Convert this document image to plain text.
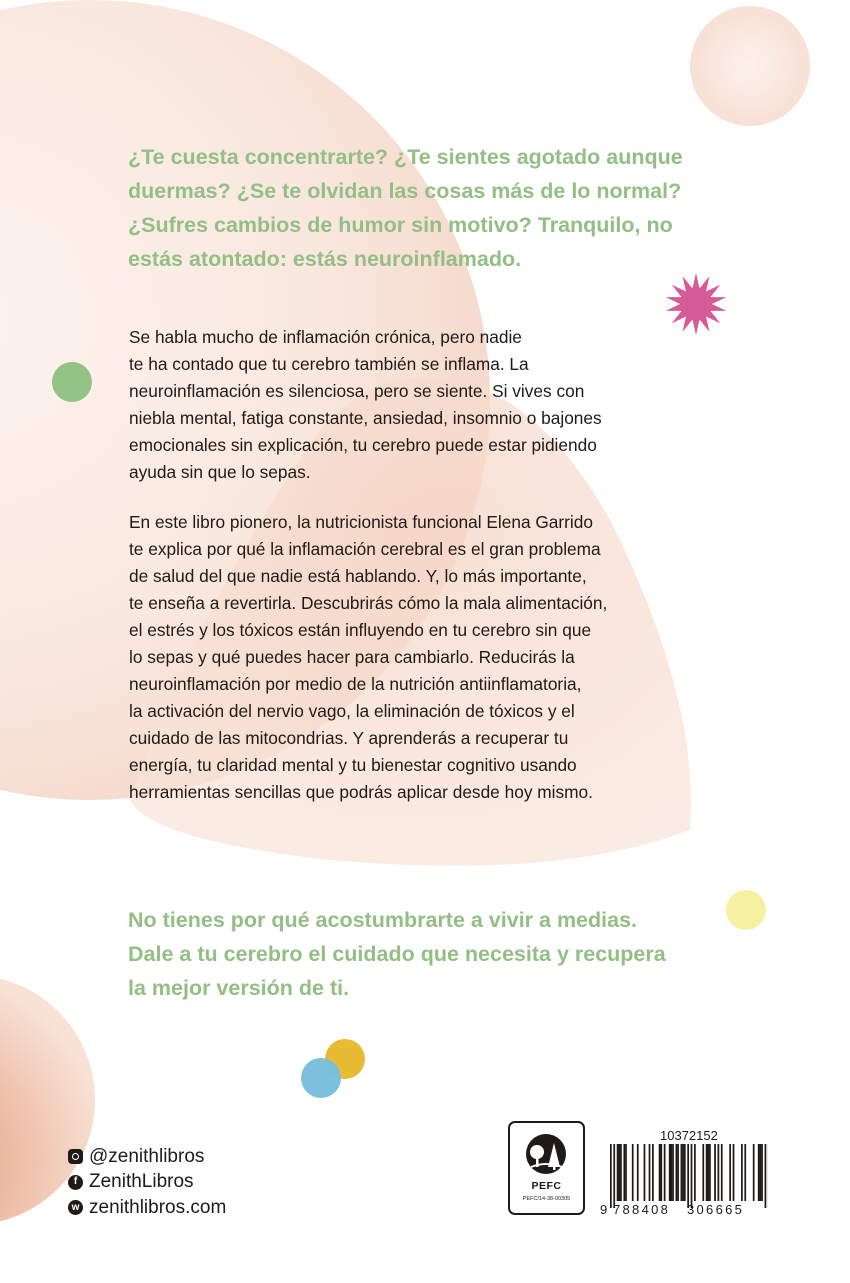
¿Te cuesta concentrarte? ¿Te sientes agotado aunque
duermas? ¿Se te olvidan las cosas más de lo normal?
¿Sufres cambios de humor sin motivo? Tranquilo, no
estás atontado: estás neuroinflamado.
Se habla mucho de inflamación crónica, pero nadie
te ha contado que tu cerebro también se inflama. La
neuroinflamación es silenciosa, pero se siente. Si vives con
niebla mental, fatiga constante, ansiedad, insomnio o bajones
emocionales sin explicación, tu cerebro puede estar pidiendo
ayuda sin que lo sepas.
En este libro pionero, la nutricionista funcional Elena Garrido
te explica por qué la inflamación cerebral es el gran problema
de salud del que nadie está hablando. Y, lo más importante,
te enseña a revertirla. Descubrirás cómo la mala alimentación,
el estrés y los tóxicos están influyendo en tu cerebro sin que
lo sepas y qué puedes hacer para cambiarlo. Reducirás la
neuroinflamación por medio de la nutrición antiinflamatoria,
la activación del nervio vago, la eliminación de tóxicos y el
cuidado de las mitocondrias. Y aprenderás a recuperar tu
energía, tu claridad mental y tu bienestar cognitivo usando
herramientas sencillas que podrás aplicar desde hoy mismo.
No tienes por qué acostumbrarte a vivir a medias.
Dale a tu cerebro el cuidado que necesita y recupera
la mejor versión de ti.
@zenithlibros
f ZenithLibros
w zenithlibros.com
PEFC
PEFC/14-38-00305
10372152
9 788408 306665
